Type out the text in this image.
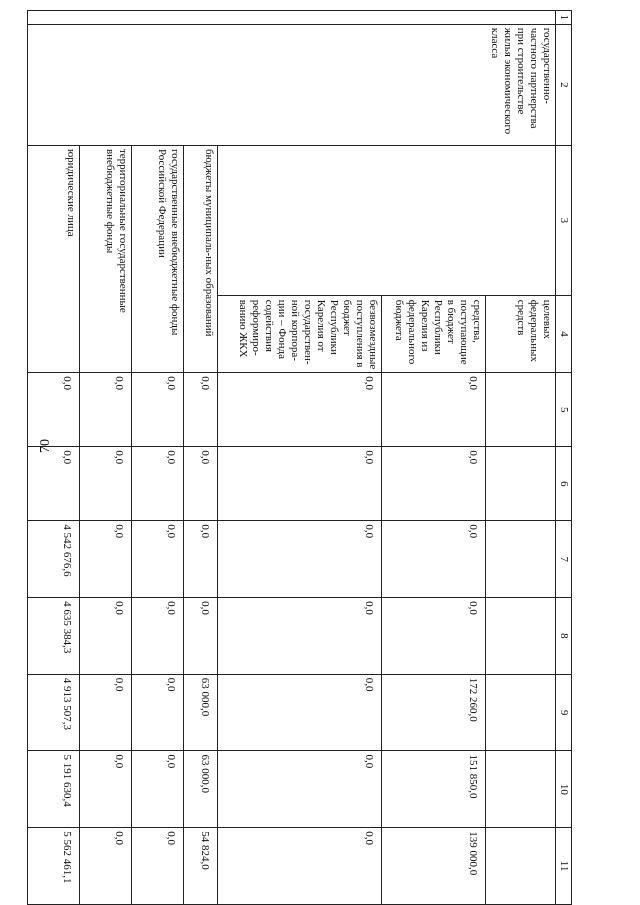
70
1	2	3	4	5	6	7	8	9	10	11
	государственно-частного партнерства при строительстве жилья экономического класса		целевых федеральных средств							
			средства, поступающие в бюджет Республики Карелия из федерального бюджета	0,0	0,0	0,0	0,0	172 260,0	151 850,0	139 000,0
			безвозмездные поступления в бюджет Республики Карелия от государствен-ной корпора-ции – Фонда содействия реформиро-ванию ЖКХ	0,0	0,0	0,0	0,0	0,0	0,0	0,0
		бюджеты муниципаль-ных образований		0,0	0,0	0,0	0,0	63 000,0	63 000,0	54 824,0
		государственные внебюджетные фонды Российской Федерации		0,0	0,0	0,0	0,0	0,0	0,0	0,0
		территориальные государственные внебюджетные фонды		0,0	0,0	0,0	0,0	0,0	0,0	0,0
		юридические лица		0,0	0,0	4 542 676,6	4 635 384,3	4 913 507,3	5 191 630,4	5 562 461,1
